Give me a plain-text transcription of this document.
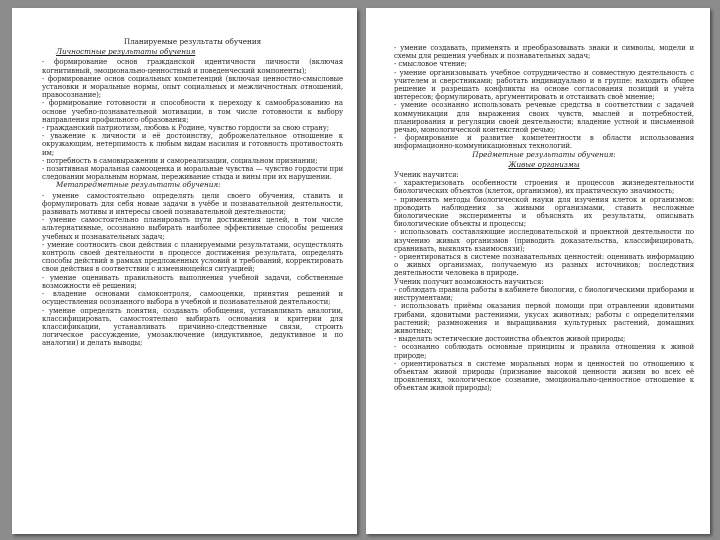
Планируемые результаты обучения

Личностные результаты обучения

- формирование основ гражданской идентичности личности (включая когнитивный, эмоционально-ценностный и поведенческий компоненты);

- формирование основ социальных компетенций (включая ценностно-смысловые установки и моральные нормы, опыт социальных и межличностных отношений, правосознание);

- формирование готовности и способности к переходу к самообразованию на основе учебно-познавательной мотивации, в том числе готовности к выбору направления профильного образования;

- гражданский патриотизм, любовь к Родине, чувство гордости за свою страну;

- уважение к личности и её достоинству, доброжелательное отношение к окружающим, нетерпимость к любым видам насилия и готовность противостоять им;

- потребность в самовыражении и самореализации, социальном признании;

- позитивная моральная самооценка и моральные чувства — чувство гордости при следовании моральным нормам, переживание стыда и вины при их нарушении.

Метапредметные результаты обучения:

- умение самостоятельно определять цели своего обучения, ставить и формулировать для себя новые задачи в учёбе и познавательной деятельности, развивать мотивы и интересы своей познавательной деятельности;

- умение самостоятельно планировать пути достижения целей, в том числе альтернативные, осознанно выбирать наиболее эффективные способы решения учебных и познавательных задач;

- умение соотносить свои действия с планируемыми результатами, осуществлять контроль своей деятельности в процессе достижения результата, определять способы действий в рамках предложенных условий и требований, корректировать свои действия в соответствии с изменяющейся ситуацией;

- умение оценивать правильность выполнения учебной задачи, собственные возможности её решения;

- владение основами самоконтроля, самооценки, принятия решений и осуществления осознанного выбора в учебной и познавательной деятельности;

- умение определять понятия, создавать обобщения, устанавливать аналогии, классифицировать, самостоятельно выбирать основания и критерии для классификации, устанавливать причинно-следственные связи, строить логическое рассуждение, умозаключение (индуктивное, дедуктивное и по аналогии) и делать выводы;

- умение создавать, применять и преобразовывать знаки и символы, модели и схемы для решения учебных и познавательных задач;

- смысловое чтение;

- умение организовывать учебное сотрудничество и совместную деятельность с учителем и сверстниками; работать индивидуально и в группе: находить общее решение и разрешать конфликты на основе согласования позиций и учёта интересов; формулировать, аргументировать и отстаивать своё мнение;

- умение осознанно использовать речевые средства в соответствии с задачей коммуникации для выражения своих чувств, мыслей и потребностей, планирования и регуляции своей деятельности; владение устной и письменной речью, монологической контекстной речью;

- формирование и развитие компетентности в области использования информационно-коммуникационных технологий.

Предметные результаты обучения:

Живые организмы

Ученик научится:

- характеризовать особенности строения и процессов жизнедеятельности биологических объектов (клеток, организмов), их практическую значимость;

- применять методы биологической науки для изучения клеток и организмов: проводить наблюдения за живыми организмами, ставить несложные биологические эксперименты и объяснять их результаты, описывать биологические объекты и процессы;

- использовать составляющие исследовательской и проектной деятельности по изучению живых организмов (приводить доказательства, классифицировать, сравнивать, выявлять взаимосвязи);

- ориентироваться в системе познавательных ценностей: оценивать информацию о живых организмах, получаемую из разных источников; последствия деятельности человека в природе.

Ученик получит возможность научиться:

- соблюдать правила работы в кабинете биологии, с биологическими приборами и инструментами;

- использовать приёмы оказания первой помощи при отравлении ядовитыми грибами, ядовитыми растениями, укусах животных; работы с определителями растений; размножения и выращивания культурных растений, домашних животных;

- выделять эстетические достоинства объектов живой природы;

- осознанно соблюдать основные принципы и правила отношения к живой природе;

- ориентироваться в системе моральных норм и ценностей по отношению к объектам живой природы (признание высокой ценности жизни во всех её проявлениях, экологическое сознание, эмоционально-ценностное отношение к объектам живой природы);
